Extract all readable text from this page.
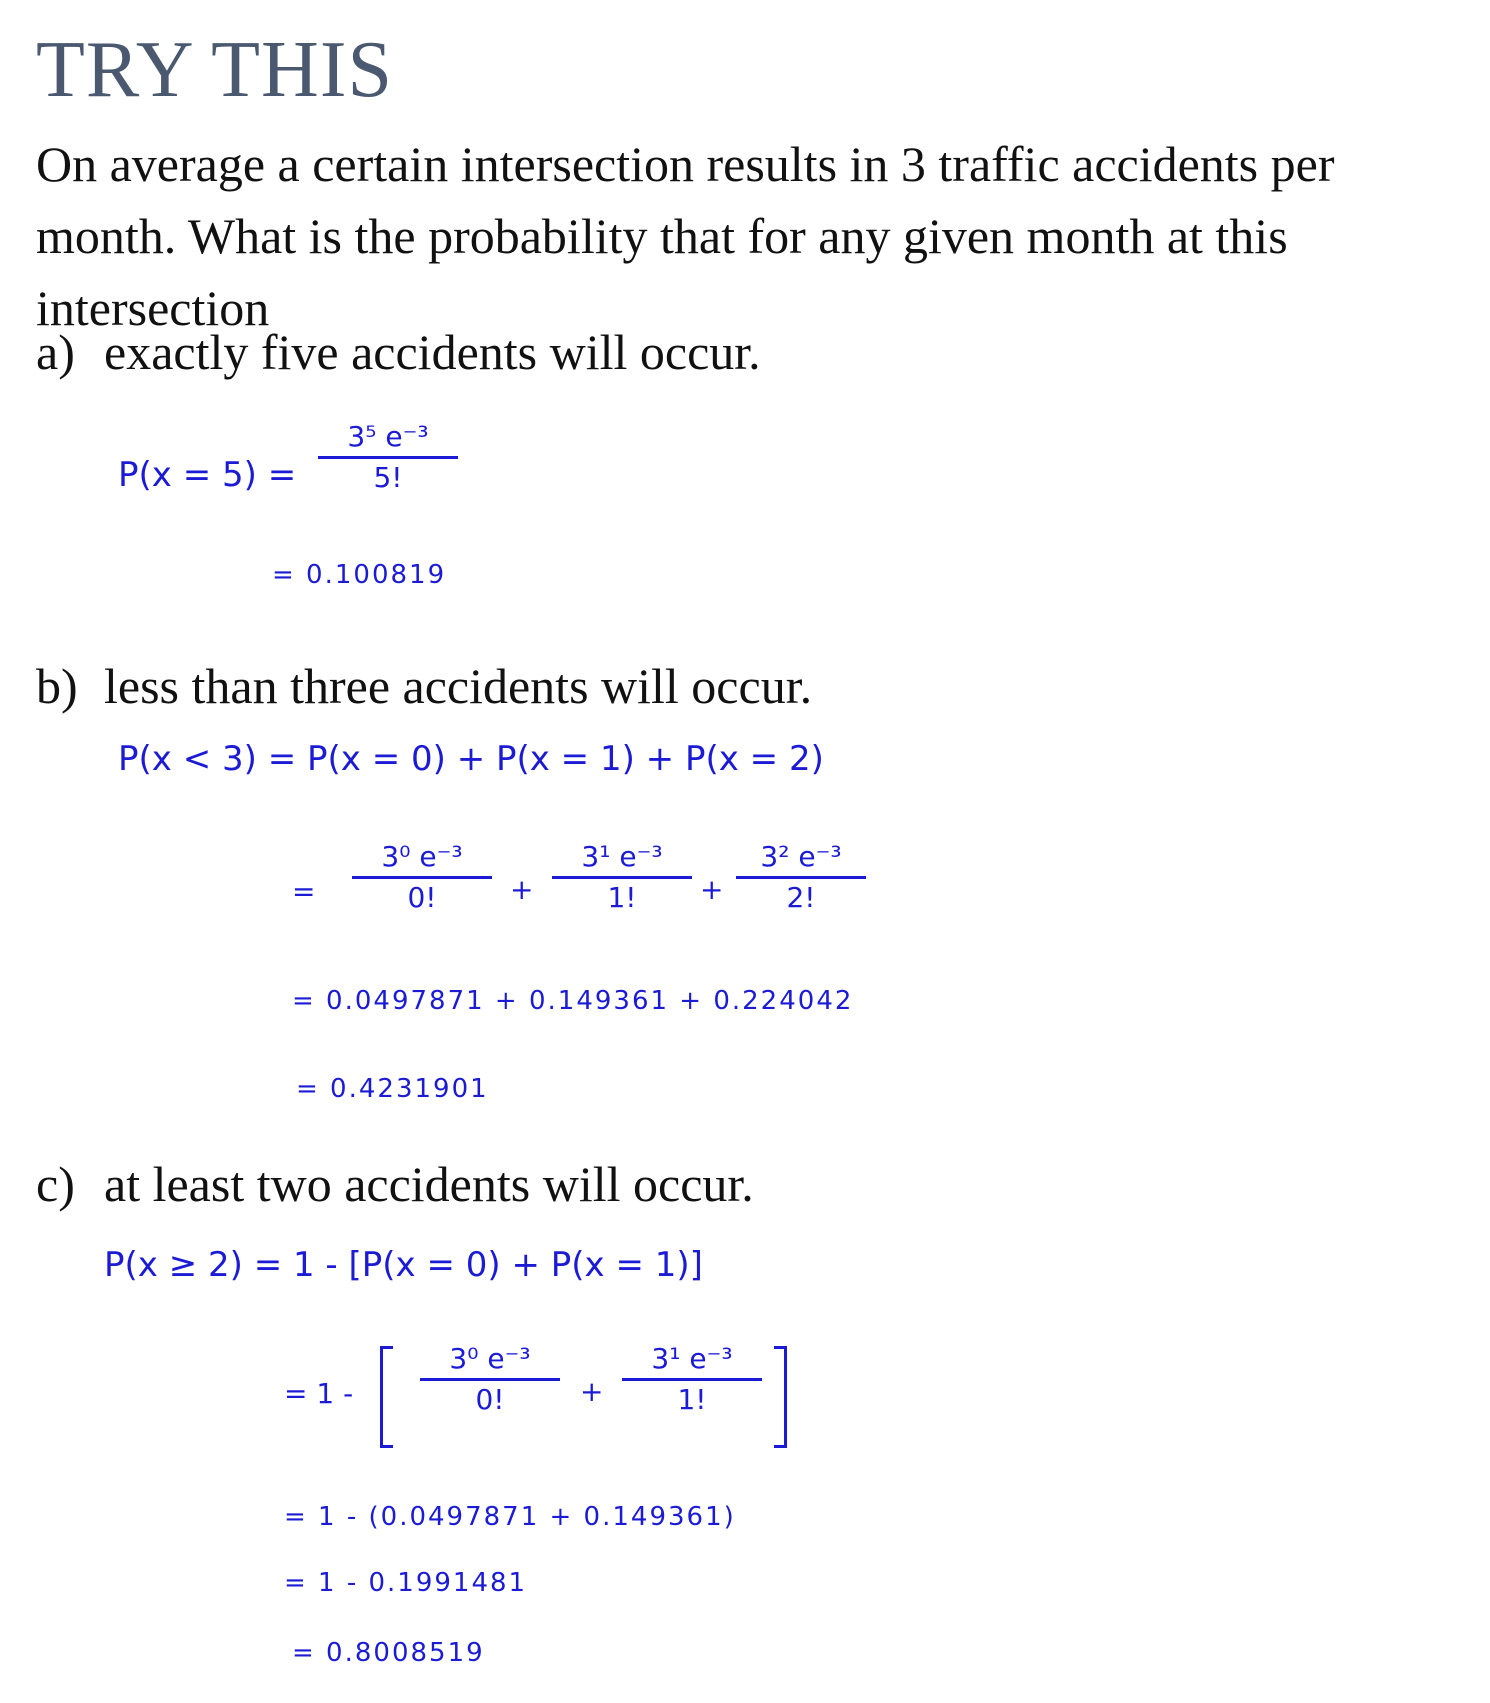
TRY THIS

On average a certain intersection results in 3 traffic accidents per month. What is the probability that for any given month at this intersection

a) exactly five accidents will occur.

P(x = 5) =
3⁵ e⁻³
5!
= 0.100819

b) less than three accidents will occur.

P(x < 3) = P(x = 0) + P(x = 1) + P(x = 2)
=
3⁰ e⁻³
0!	+
3¹ e⁻³
1! +
3² e⁻³
2!
= 0.0497871 + 0.149361 + 0.224042
= 0.4231901

c) at least two accidents will occur.

P(x ≥ 2) = 1 - [P(x = 0) + P(x = 1)]
= 1 -
3⁰ e⁻³
0!	+
3¹ e⁻³
1!
= 1 - (0.0497871 + 0.149361)
= 1 - 0.1991481
= 0.8008519
